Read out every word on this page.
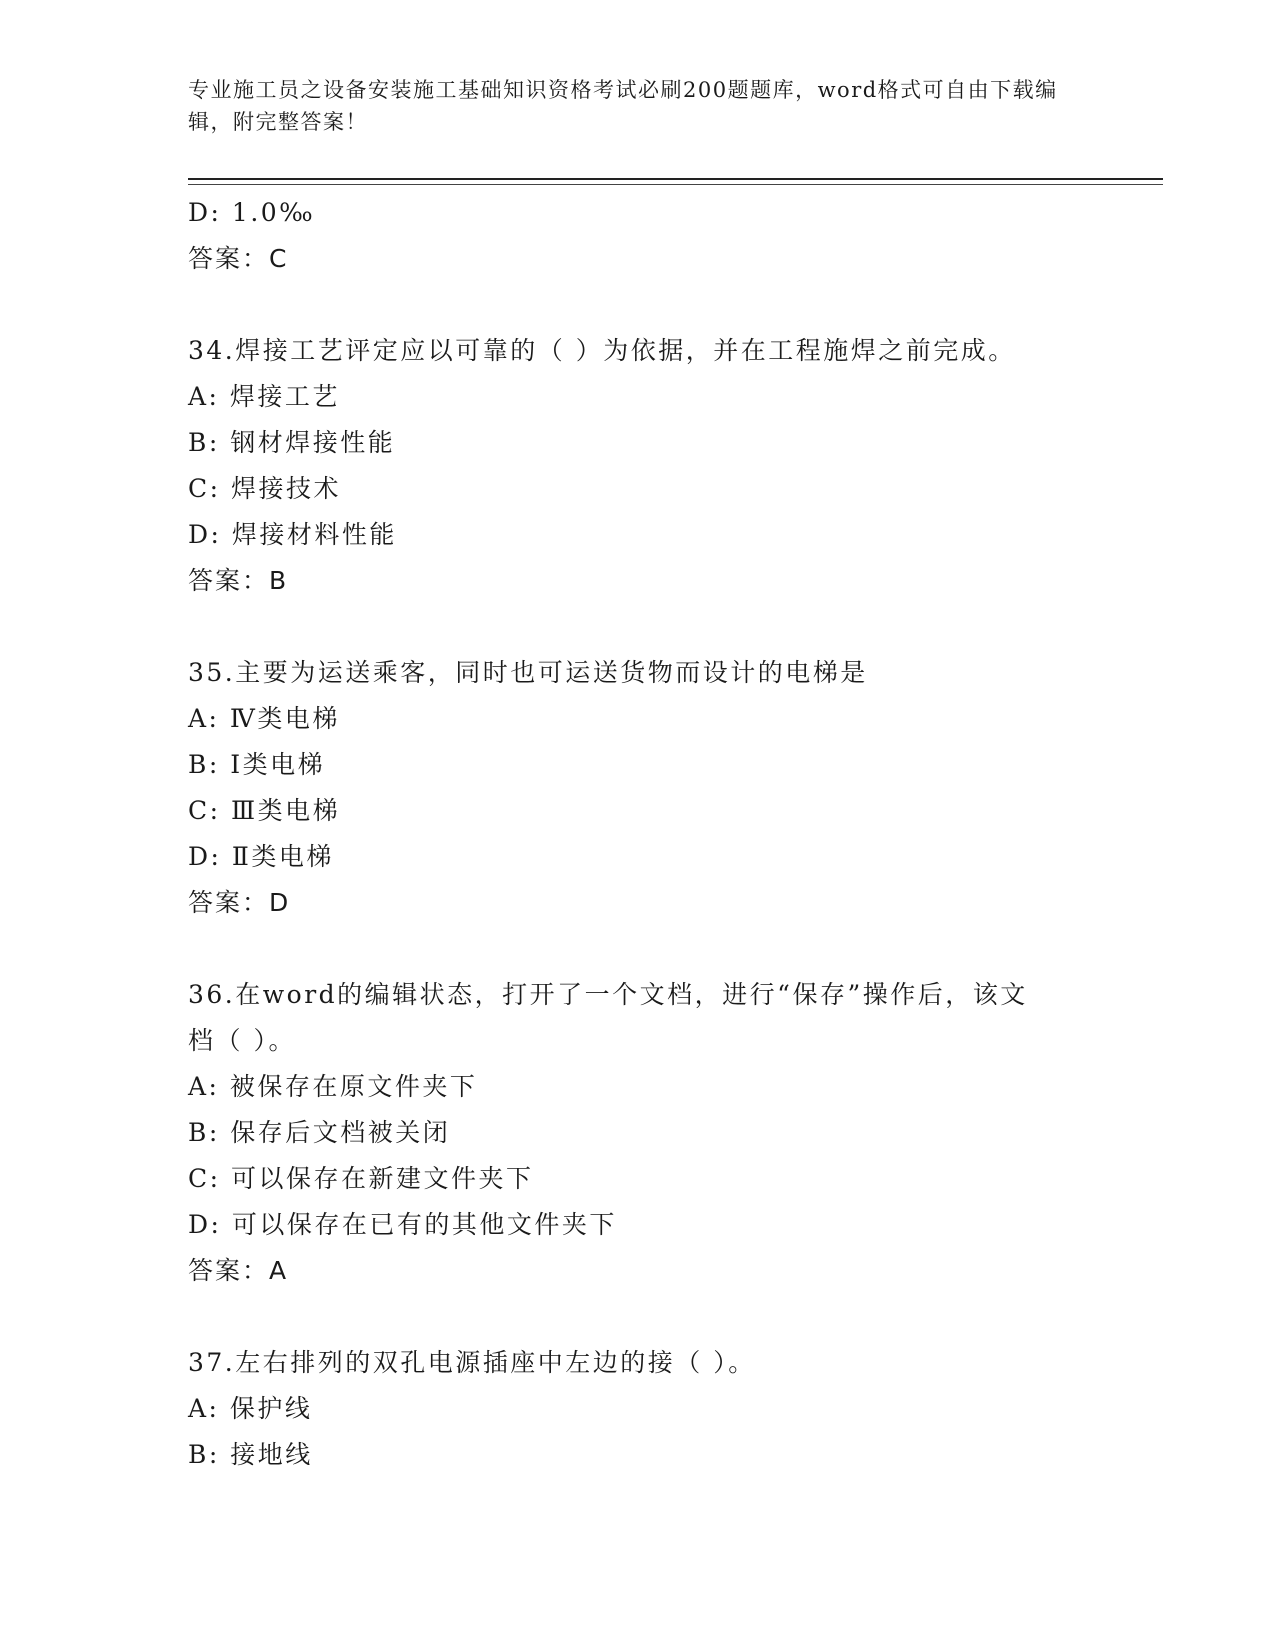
专业施工员之设备安装施工基础知识资格考试必刷200题题库，word格式可自由下载编辑，附完整答案！
D: 1.0‰
答案：C
34.焊接工艺评定应以可靠的（ ）为依据，并在工程施焊之前完成。
A: 焊接工艺
B: 钢材焊接性能
C: 焊接技术
D: 焊接材料性能
答案：B
35.主要为运送乘客，同时也可运送货物而设计的电梯是
A: Ⅳ类电梯
B: Ⅰ类电梯
C: Ⅲ类电梯
D: Ⅱ类电梯
答案：D
36.在word的编辑状态，打开了一个文档，进行“保存”操作后，该文档（ ）。
A: 被保存在原文件夹下
B: 保存后文档被关闭
C: 可以保存在新建文件夹下
D: 可以保存在已有的其他文件夹下
答案：A
37.左右排列的双孔电源插座中左边的接（ ）。
A: 保护线
B: 接地线
